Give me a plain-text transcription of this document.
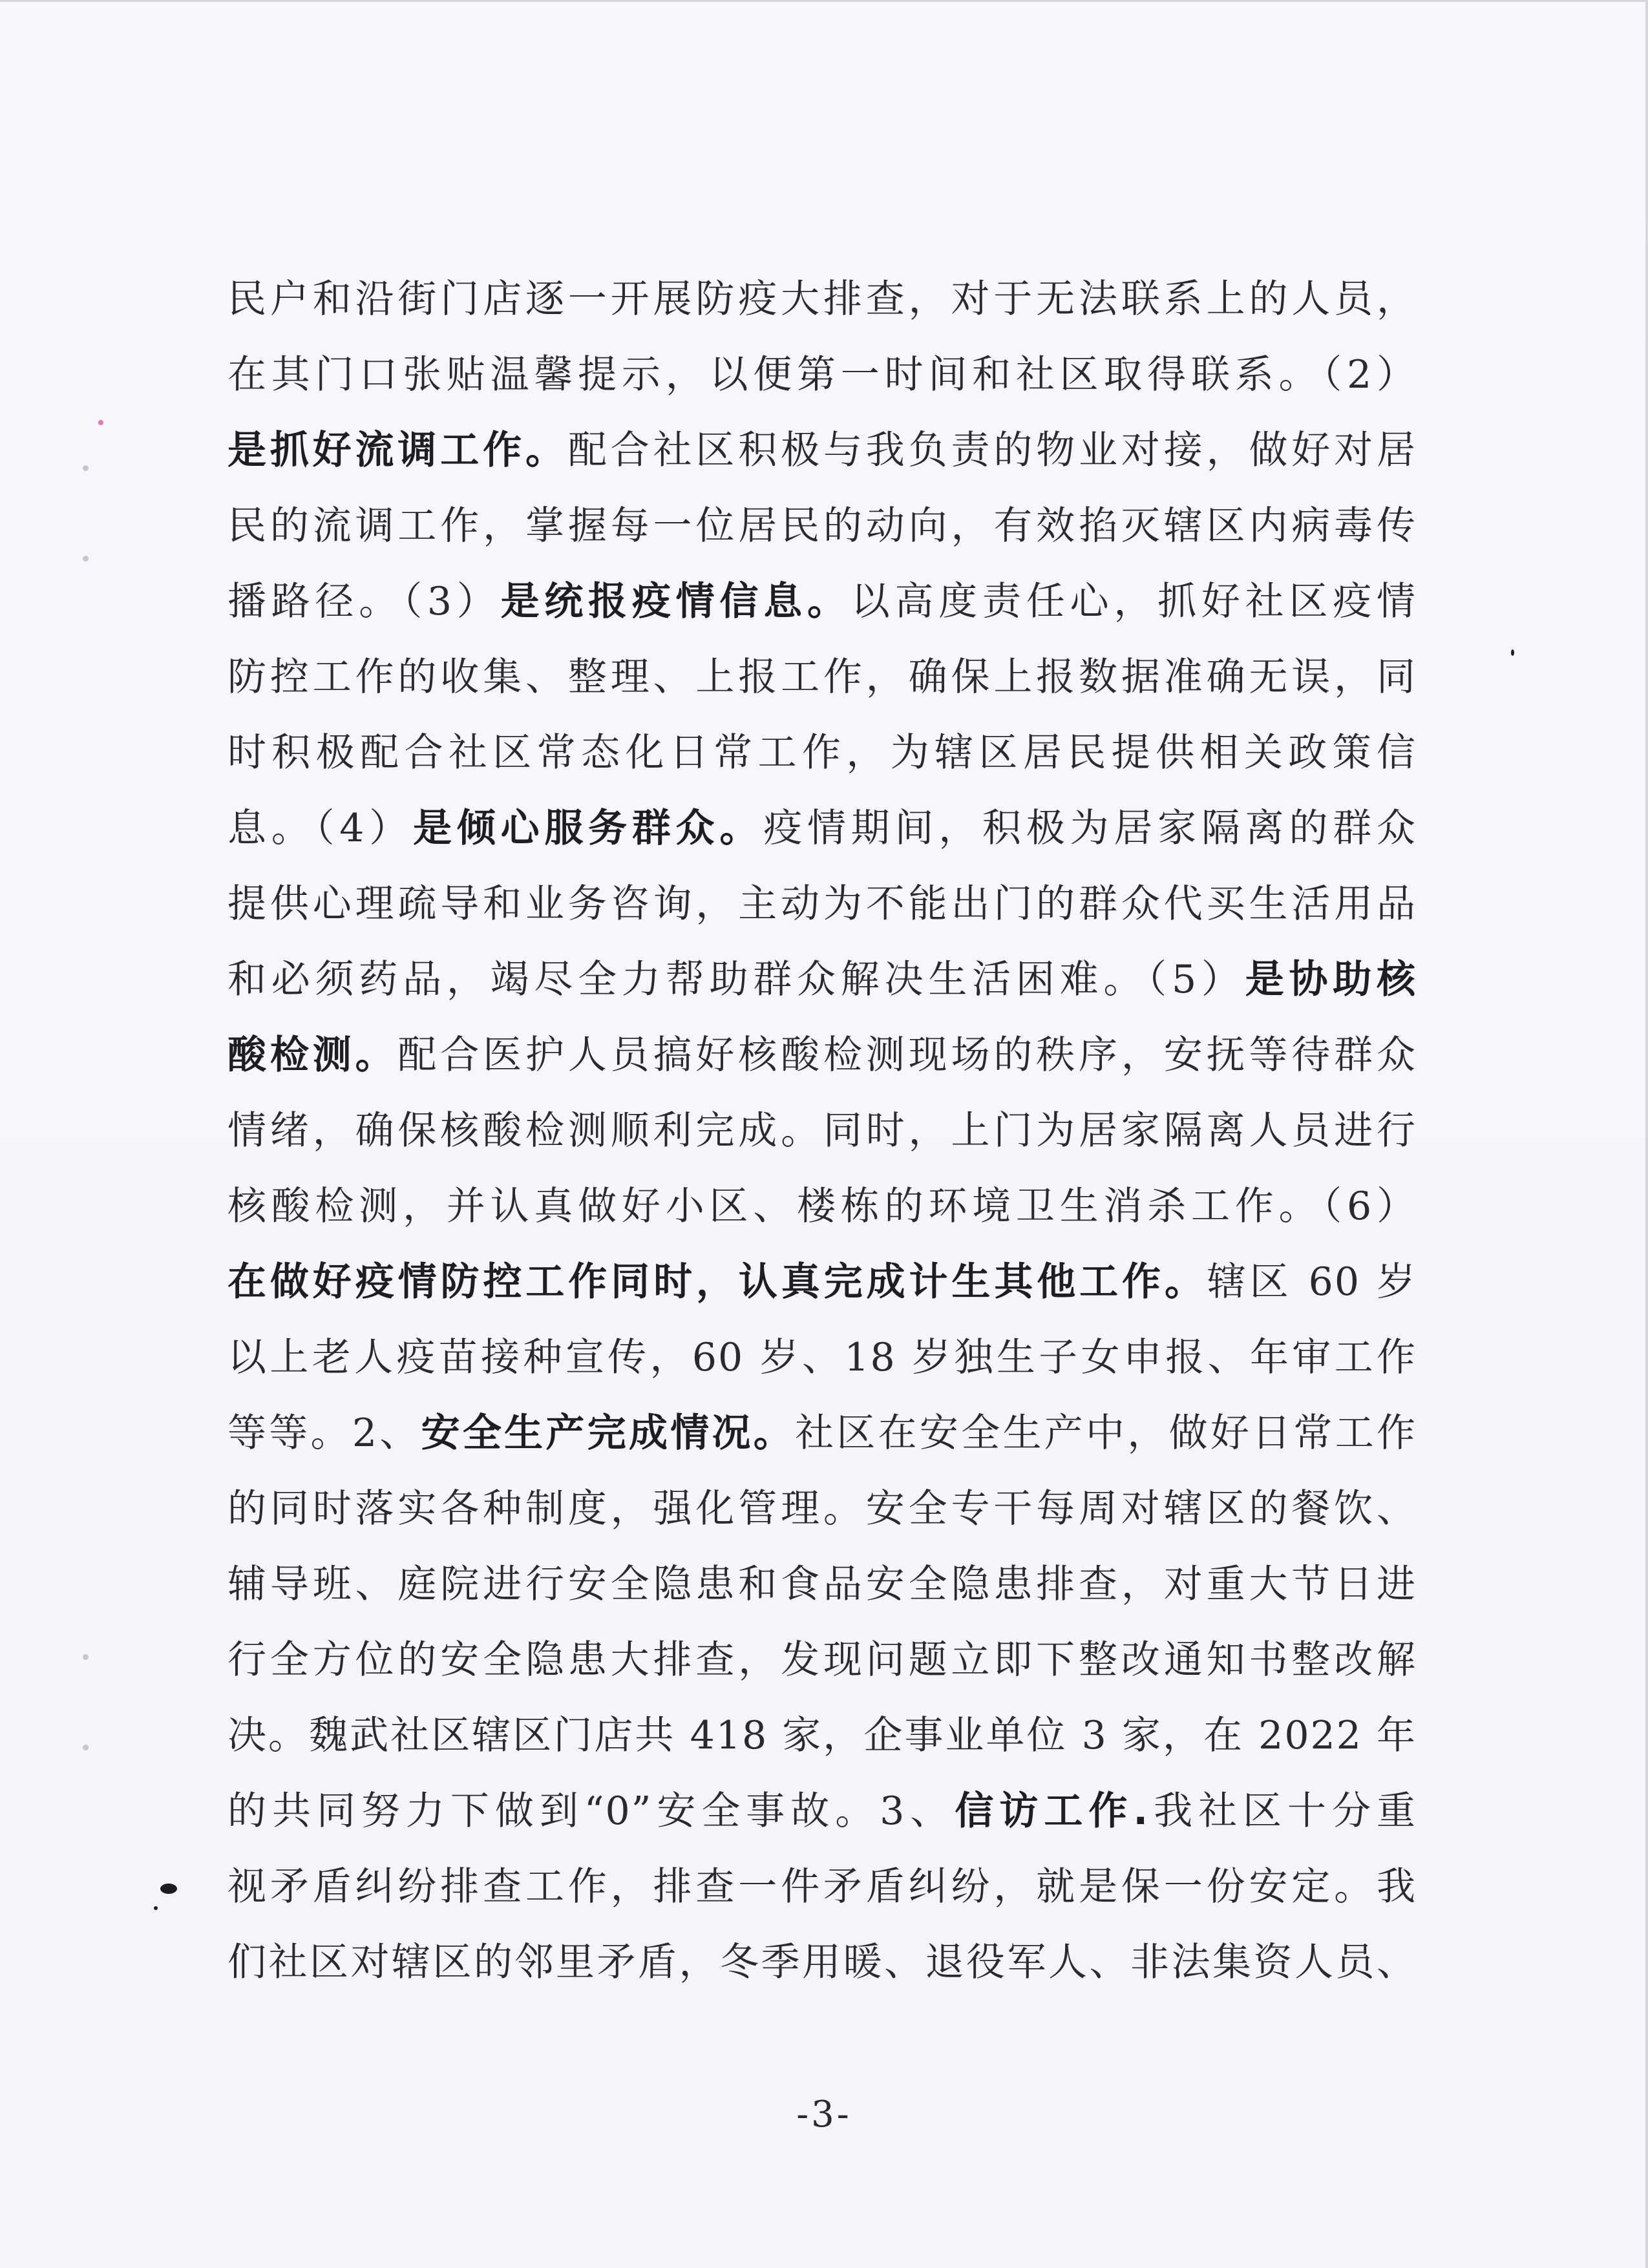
民户和沿街门店逐一开展防疫大排查，对于无法联系上的人员，
在其门口张贴温馨提示，以便第一时间和社区取得联系。（2）
是抓好流调工作。配合社区积极与我负责的物业对接，做好对居
民的流调工作，掌握每一位居民的动向，有效掐灭辖区内病毒传
播路径。（3）是统报疫情信息。以高度责任心，抓好社区疫情
防控工作的收集、整理、上报工作，确保上报数据准确无误，同
时积极配合社区常态化日常工作，为辖区居民提供相关政策信
息。（4）是倾心服务群众。疫情期间，积极为居家隔离的群众
提供心理疏导和业务咨询，主动为不能出门的群众代买生活用品
和必须药品，竭尽全力帮助群众解决生活困难。（5）是协助核
酸检测。配合医护人员搞好核酸检测现场的秩序，安抚等待群众
情绪，确保核酸检测顺利完成。同时，上门为居家隔离人员进行
核酸检测，并认真做好小区、楼栋的环境卫生消杀工作。（6）
在做好疫情防控工作同时，认真完成计生其他工作。辖区 60 岁
以上老人疫苗接种宣传，60 岁、18 岁独生子女申报、年审工作
等等。2、安全生产完成情况。社区在安全生产中，做好日常工作
的同时落实各种制度，强化管理。安全专干每周对辖区的餐饮、
辅导班、庭院进行安全隐患和食品安全隐患排查，对重大节日进
行全方位的安全隐患大排查，发现问题立即下整改通知书整改解
决。魏武社区辖区门店共 418 家，企事业单位 3 家，在 2022 年
的共同努力下做到“0”安全事故。3、信访工作.我社区十分重
视矛盾纠纷排查工作，排查一件矛盾纠纷，就是保一份安定。我
们社区对辖区的邻里矛盾，冬季用暖、退役军人、非法集资人员、
-3-
